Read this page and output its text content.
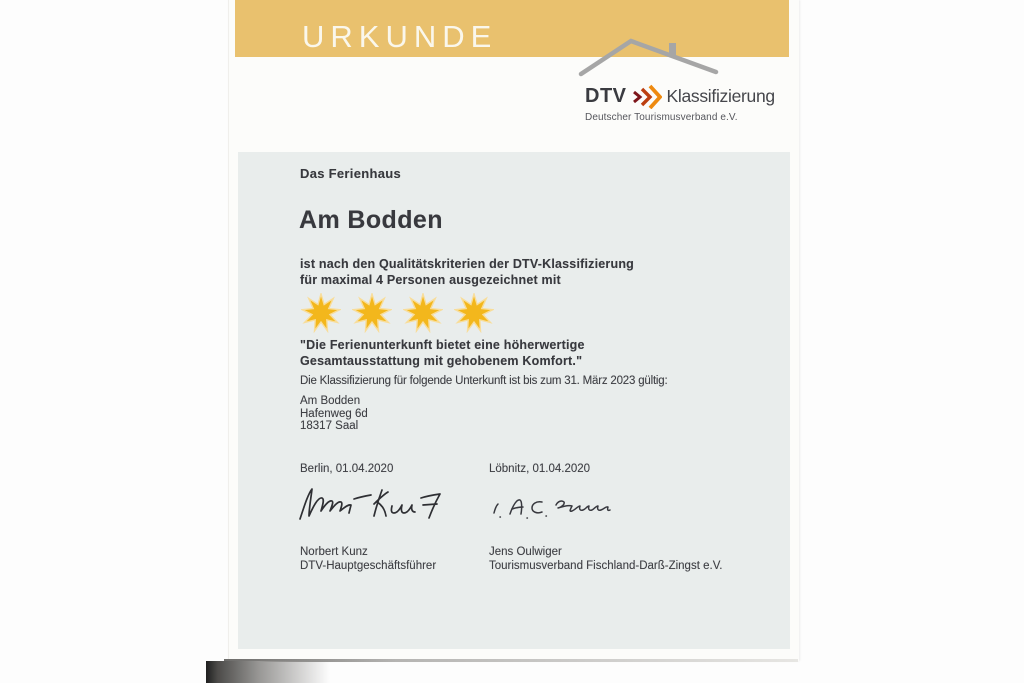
URKUNDE
DTV Klassifizierung
Deutscher Tourismusverband e.V.
Das Ferienhaus
Am Bodden
ist nach den Qualitätskriterien der DTV-Klassifizierung
für maximal 4 Personen ausgezeichnet mit
"Die Ferienunterkunft bietet eine höherwertige
Gesamtausstattung mit gehobenem Komfort."
Die Klassifizierung für folgende Unterkunft ist bis zum 31. März 2023 gültig:
Am Bodden
Hafenweg 6d
18317 Saal
Berlin, 01.04.2020	Löbnitz, 01.04.2020
Norbert Kunz
DTV-Hauptgeschäftsführer
Jens Oulwiger
Tourismusverband Fischland-Darß-Zingst e.V.
